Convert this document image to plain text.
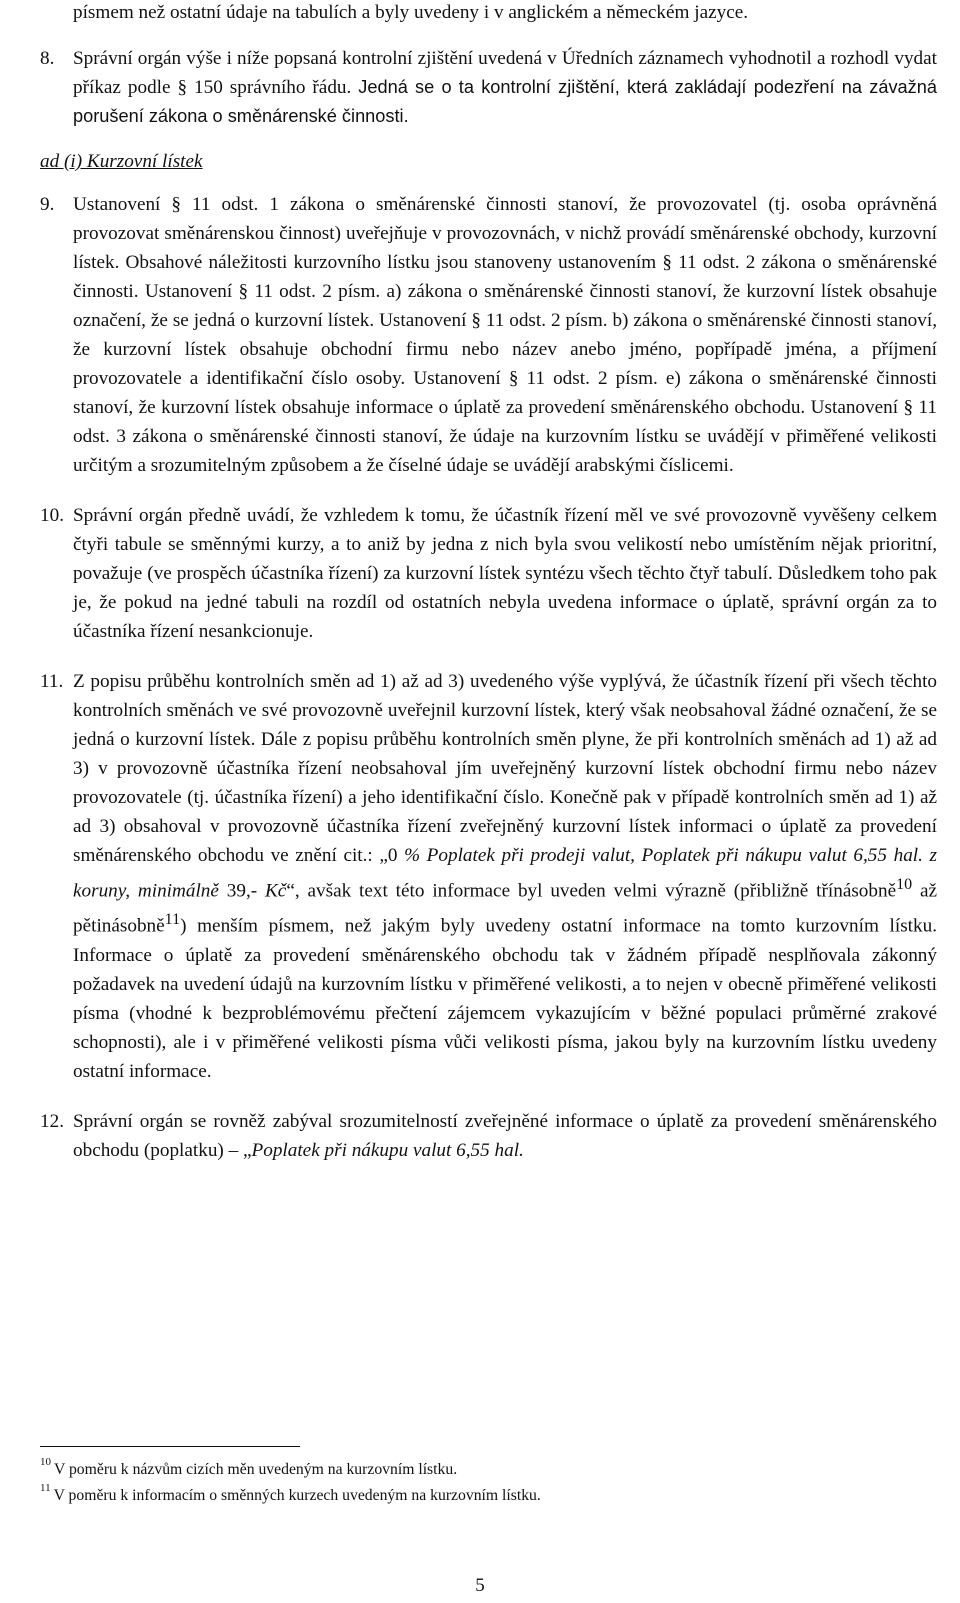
písmem než ostatní údaje na tabulích a byly uvedeny i v anglickém a německém jazyce.

8. Správní orgán výše i níže popsaná kontrolní zjištění uvedená v Úředních záznamech vyhodnotil a rozhodl vydat příkaz podle § 150 správního řádu. Jedná se o ta kontrolní zjištění, která zakládají podezření na závažná porušení zákona o směnárenské činnosti.

ad (i) Kurzovní lístek

9. Ustanovení § 11 odst. 1 zákona o směnárenské činnosti stanoví, že provozovatel (tj. osoba oprávněná provozovat směnárenskou činnost) uveřejňuje v provozovnách, v nichž provádí směnárenské obchody, kurzovní lístek. Obsahové náležitosti kurzovního lístku jsou stanoveny ustanovením § 11 odst. 2 zákona o směnárenské činnosti. Ustanovení § 11 odst. 2 písm. a) zákona o směnárenské činnosti stanoví, že kurzovní lístek obsahuje označení, že se jedná o kurzovní lístek. Ustanovení § 11 odst. 2 písm. b) zákona o směnárenské činnosti stanoví, že kurzovní lístek obsahuje obchodní firmu nebo název anebo jméno, popřípadě jména, a příjmení provozovatele a identifikační číslo osoby. Ustanovení § 11 odst. 2 písm. e) zákona o směnárenské činnosti stanoví, že kurzovní lístek obsahuje informace o úplatě za provedení směnárenského obchodu. Ustanovení § 11 odst. 3 zákona o směnárenské činnosti stanoví, že údaje na kurzovním lístku se uvádějí v přiměřené velikosti určitým a srozumitelným způsobem a že číselné údaje se uvádějí arabskými číslicemi.

10. Správní orgán předně uvádí, že vzhledem k tomu, že účastník řízení měl ve své provozovně vyvěšeny celkem čtyři tabule se směnnými kurzy, a to aniž by jedna z nich byla svou velikostí nebo umístěním nějak prioritní, považuje (ve prospěch účastníka řízení) za kurzovní lístek syntézu všech těchto čtyř tabulí. Důsledkem toho pak je, že pokud na jedné tabuli na rozdíl od ostatních nebyla uvedena informace o úplatě, správní orgán za to účastníka řízení nesankcionuje.

11. Z popisu průběhu kontrolních směn ad 1) až ad 3) uvedeného výše vyplývá, že účastník řízení při všech těchto kontrolních směnách ve své provozovně uveřejnil kurzovní lístek, který však neobsahoval žádné označení, že se jedná o kurzovní lístek. Dále z popisu průběhu kontrolních směn plyne, že při kontrolních směnách ad 1) až ad 3) v provozovně účastníka řízení neobsahoval jím uveřejněný kurzovní lístek obchodní firmu nebo název provozovatele (tj. účastníka řízení) a jeho identifikační číslo. Konečně pak v případě kontrolních směn ad 1) až ad 3) obsahoval v provozovně účastníka řízení zveřejněný kurzovní lístek informaci o úplatě za provedení směnárenského obchodu ve znění cit.: „0 % Poplatek při prodeji valut, Poplatek při nákupu valut 6,55 hal. z koruny, minimálně 39,- Kč“, avšak text této informace byl uveden velmi výrazně (přibližně třínásobně$^{10}$ až pětinásobně$^{11}$) menším písmem, než jakým byly uvedeny ostatní informace na tomto kurzovním lístku. Informace o úplatě za provedení směnárenského obchodu tak v žádném případě nesplňovala zákonný požadavek na uvedení údajů na kurzovním lístku v přiměřené velikosti, a to nejen v obecně přiměřené velikosti písma (vhodné k bezproblémovému přečtení zájemcem vykazujícím v běžné populaci průměrné zrakové schopnosti), ale i v přiměřené velikosti písma vůči velikosti písma, jakou byly na kurzovním lístku uvedeny ostatní informace.

12. Správní orgán se rovněž zabýval srozumitelností zveřejněné informace o úplatě za provedení směnárenského obchodu (poplatku) – „Poplatek při nákupu valut 6,55 hal.

10 V poměru k názvům cizích měn uvedeným na kurzovním lístku.

11 V poměru k informacím o směnných kurzech uvedeným na kurzovním lístku.

5
